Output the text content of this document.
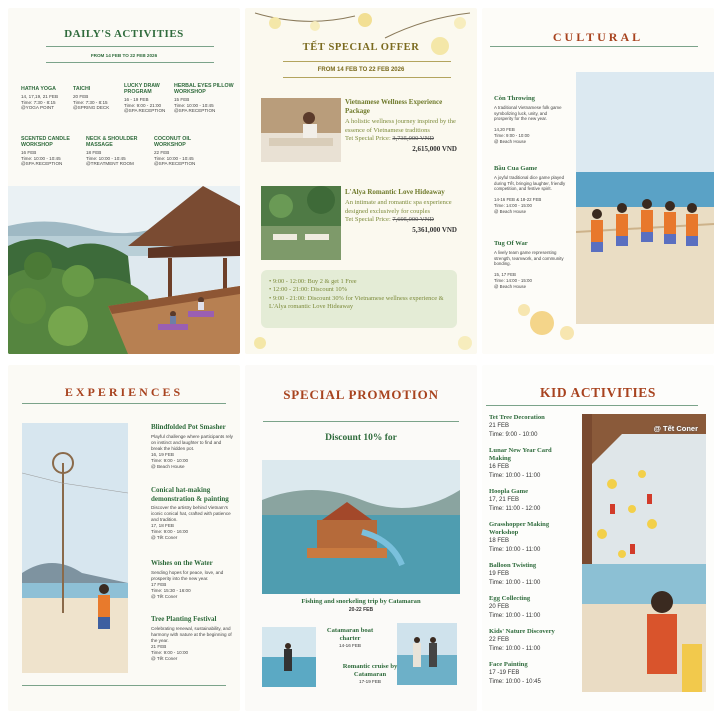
DAILY'S ACTIVITIES
FROM 14 FEB TO 22 FEB 2026
HATHA YOGA
14, 17,19, 21 FEB
Time: 7:30 - 8:15
@YOGA POINT
TAICHI
20 FEB
Time: 7:30 - 8:15
@SPRING DECK
LUCKY DRAW PROGRAM
16 - 19 FEB
Time: 9:00 - 21:00
@SPA RECEPTION
HERBAL EYES PILLOW WORKSHOP
15 FEB
Time: 10:00 - 10:45
@SPA RECEPTION
SCENTED CANDLE WORKSHOP
16 FEB
Time: 10:00 - 10:45
@SPA RECEPTION
NECK & SHOULDER MASSAGE
18 FEB
Time: 10:00 - 10:45
@TREATMENT ROOM
COCONUT OIL WORKSHOP
22 FEB
Time: 10:00 - 10:45
@SPA RECEPTION
TẾT SPECIAL OFFER
FROM 14 FEB TO 22 FEB 2026
Vietnamese Wellness Experience Package
A holistic wellness journey inspired by the essence of Vietnamese traditions
Tet Special Price: 3,735,000 VND
2,615,000 VND
L'Alya Romantic Love Hideaway
An intimate and romantic spa experience designed exclusively for couples
Tet Special Price: 7,695,000 VND
5,361,000 VND
• 9:00 - 12:00: Buy 2 & get 1 Free
• 12:00 - 21:00: Discount 10%
• 9:00 - 21:00: Discount 30% for Vietnamese wellness experience & L'Alya romantic Love Hideaway
CULTURAL
Còn Throwing
A traditional Vietnamese folk game symbolizing luck, unity, and prosperity for the new year.

14,20 FEB
Time: 9:00 - 10:00
@ Beach House
Bầu Cua Game
A joyful traditional dice game played during Tết, bringing laughter, friendly competition, and festive spirit.

14-16 FEB & 18-22 FEB
Time: 14:00 - 15:00
@ Beach House
Tug Of War
A lively team game representing strength, teamwork, and community bonding.

15, 17 FEB
Time: 14:00 - 15:00
@ Beach House
EXPERIENCES
Blindfolded Pot Smasher
Playful challenge where participants rely on instinct and laughter to find and break the hidden pot.
16, 19 FEB
Time: 9:00 - 10:00
@ Beach House
Conical hat-making demonstration & painting
Discover the artistry behind Vietnam's iconic conical hat, crafted with patience and tradition.
17, 18 FEB
Time: 9:00 - 16:00
@ Tết Coner
Wishes on the Water
Sending hopes for peace, love, and prosperity into the new year.
17 FEB
Time: 15:30 - 16:00
@ Tết Coner
Tree Planting Festival
Celebrating renewal, sustainability, and harmony with nature at the beginning of the year.
21 FEB
Time: 9:00 - 10:00
@ Tết Coner
SPECIAL PROMOTION
Discount 10% for
Fishing and snorkeling trip by Catamaran
20-22 FEB
Catamaran boat charter
14-16 FEB
Romantic cruise by Catamaran
17-19 FEB
KID ACTIVITIES
Tet Tree Decoration
21 FEB
Time: 9:00 - 10:00
Lunar New Year Card Making
16 FEB
Time: 10:00 - 11:00
Hoopla Game
17, 21 FEB
Time: 11:00 - 12:00
Grasshopper Making Workshop
18 FEB
Time: 10:00 - 11:00
Balloon Twisting
19 FEB
Time: 10:00 - 11:00
Egg Collecting
20 FEB
Time: 10:00 - 11:00
Kids' Nature Discovery
22 FEB
Time: 10:00 - 11:00
Face Painting
17 -19 FEB
Time: 10:00 - 10:45
@ Tết Coner
